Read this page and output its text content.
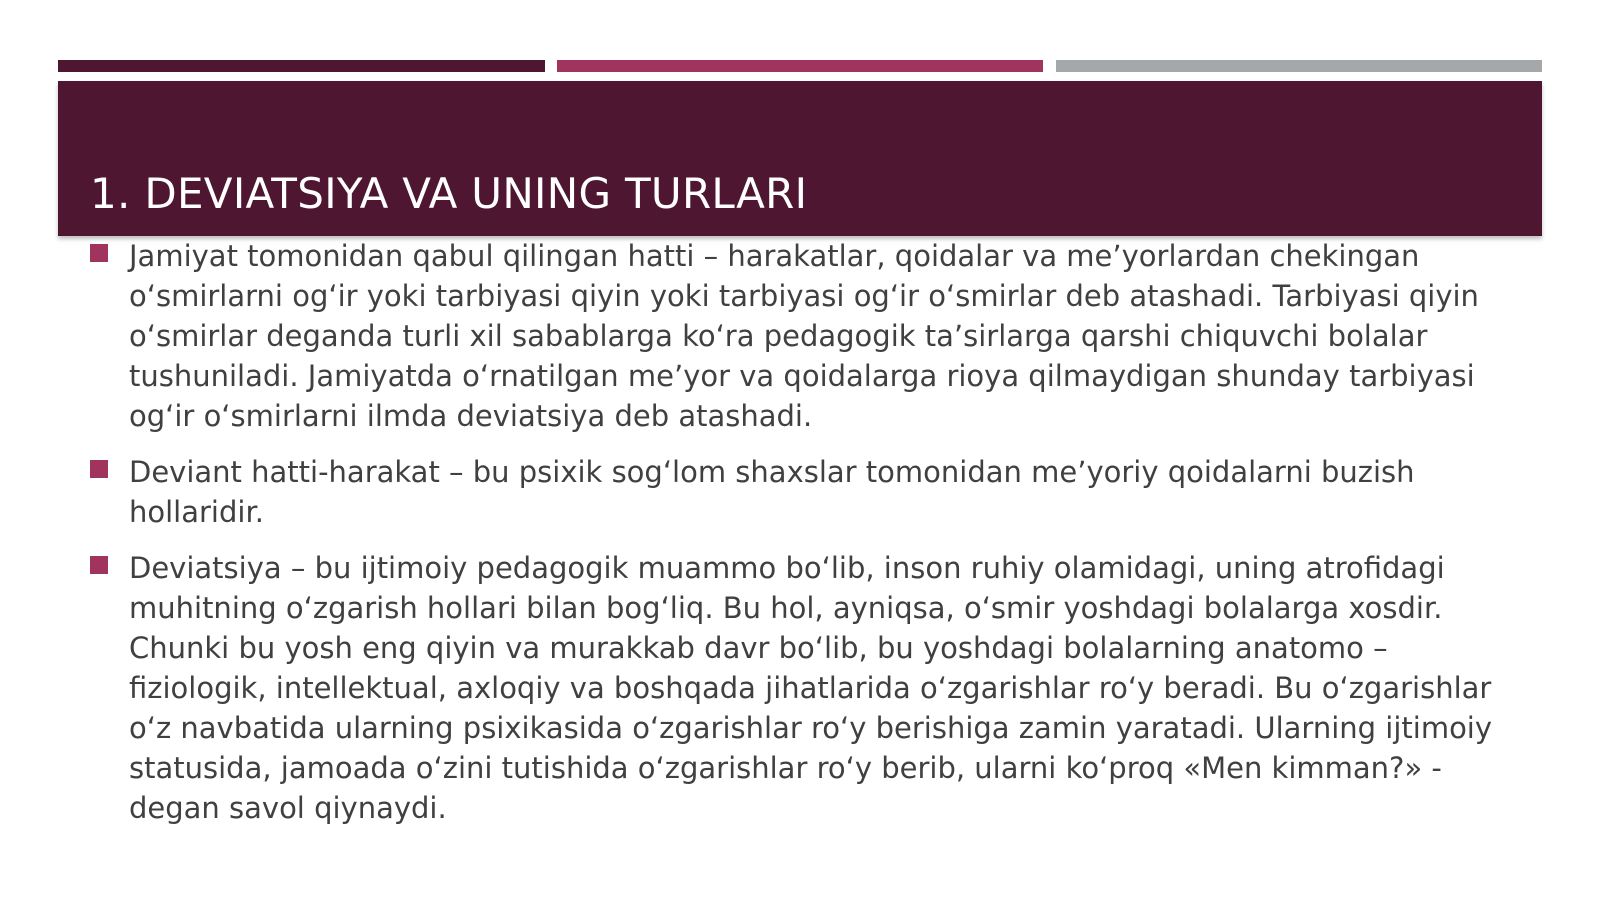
1. DEVIATSIYA VA UNING TURLARI
Jamiyat tomonidan qabul qilingan hatti – harakatlar, qoidalar va me’yorlardan chekingan o‘smirlarni og‘ir yoki tarbiyasi qiyin yoki tarbiyasi og‘ir o‘smirlar deb atashadi. Tarbiyasi qiyin o‘smirlar deganda turli xil sabablarga ko‘ra pedagogik ta’sirlarga qarshi chiquvchi bolalar tushuniladi. Jamiyatda o‘rnatilgan me’yor va qoidalarga rioya qilmaydigan shunday tarbiyasi og‘ir o‘smirlarni ilmda deviatsiya deb atashadi.
Deviant hatti-harakat – bu psixik sog‘lom shaxslar tomonidan me’yoriy qoidalarni buzish hollaridir.
Deviatsiya – bu ijtimoiy pedagogik muammo bo‘lib, inson ruhiy olamidagi, uning atrofidagi muhitning o‘zgarish hollari bilan bog‘liq. Bu hol, ayniqsa, o‘smir yoshdagi bolalarga xosdir. Chunki bu yosh eng qiyin va murakkab davr bo‘lib, bu yoshdagi bolalarning anatomo – fiziologik, intellektual, axloqiy va boshqada jihatlarida o‘zgarishlar ro‘y beradi. Bu o‘zgarishlar o‘z navbatida ularning psixikasida o‘zgarishlar ro‘y berishiga zamin yaratadi. Ularning ijtimoiy statusida, jamoada o‘zini tutishida o‘zgarishlar ro‘y berib, ularni ko‘proq «Men kimman?» - degan savol qiynaydi.
